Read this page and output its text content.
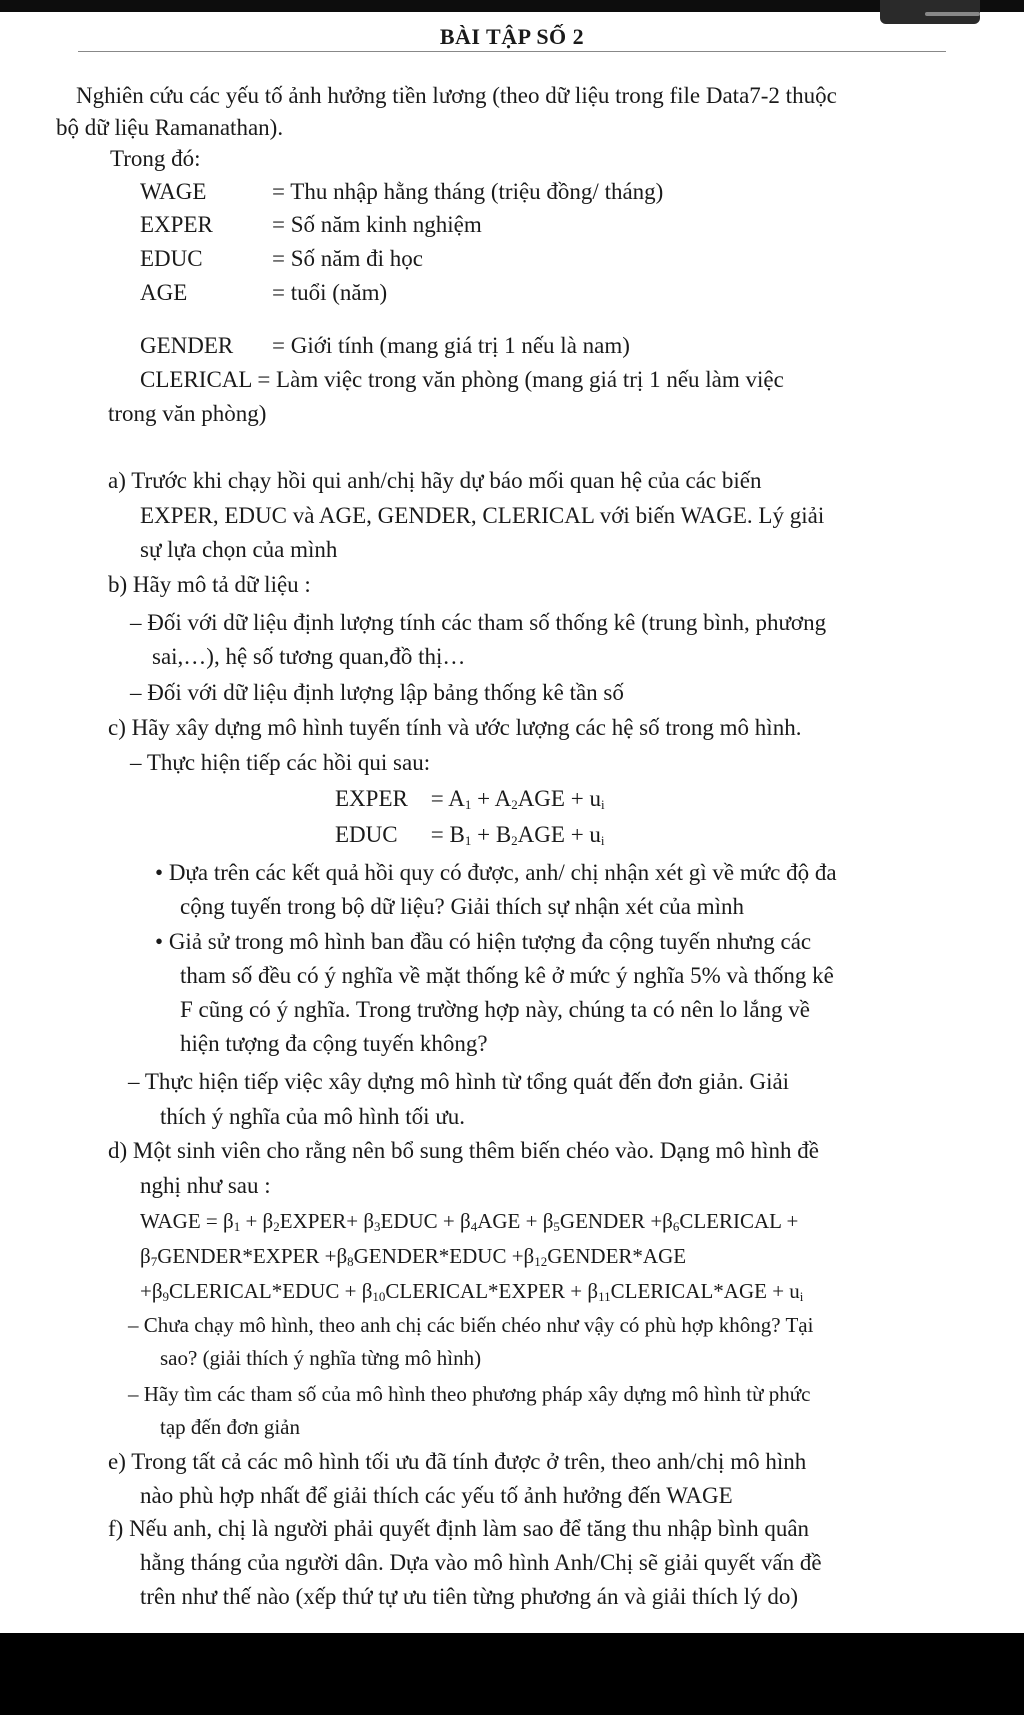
BÀI TẬP SỐ 2
Nghiên cứu các yếu tố ảnh hưởng tiền lương (theo dữ liệu trong file Data7-2 thuộc
bộ dữ liệu Ramanathan).
Trong đó:
WAGE	= Thu nhập hằng tháng (triệu đồng/ tháng)
EXPER	= Số năm kinh nghiệm
EDUC	= Số năm đi học
AGE	= tuổi (năm)
GENDER = Giới tính (mang giá trị 1 nếu là nam)
CLERICAL = Làm việc trong văn phòng (mang giá trị 1 nếu làm việc
trong văn phòng)
a) Trước khi chạy hồi qui anh/chị hãy dự báo mối quan hệ của các biến
EXPER, EDUC và AGE, GENDER, CLERICAL với biến WAGE. Lý giải
sự lựa chọn của mình
b) Hãy mô tả dữ liệu :
– Đối với dữ liệu định lượng tính các tham số thống kê (trung bình, phương
sai,…), hệ số tương quan,đồ thị…
– Đối với dữ liệu định lượng lập bảng thống kê tần số
c) Hãy xây dựng mô hình tuyến tính và ước lượng các hệ số trong mô hình.
– Thực hiện tiếp các hồi qui sau:
EXPER = $A_1 + A_2AGE + u_i$
EDUC = $B_1 + B_2AGE + u_i$
• Dựa trên các kết quả hồi quy có được, anh/ chị nhận xét gì về mức độ đa
cộng tuyến trong bộ dữ liệu? Giải thích sự nhận xét của mình
• Giả sử trong mô hình ban đầu có hiện tượng đa cộng tuyến nhưng các
tham số đều có ý nghĩa về mặt thống kê ở mức ý nghĩa 5% và thống kê
F cũng có ý nghĩa. Trong trường hợp này, chúng ta có nên lo lắng về
hiện tượng đa cộng tuyến không?
– Thực hiện tiếp việc xây dựng mô hình từ tổng quát đến đơn giản. Giải
thích ý nghĩa của mô hình tối ưu.
d) Một sinh viên cho rằng nên bổ sung thêm biến chéo vào. Dạng mô hình đề
nghị như sau :
WAGE = $\beta_1$ + $\beta_2EXPER+$ $\beta_3EDUC + \beta_4AGE$ + $\beta_5GENDER$ $+\beta_6CLERICAL$ +
$\beta_7GENDER*EXPER$ $+\beta_8GENDER*EDUC$ $+\beta_{12}GENDER*AGE$
$+\beta_9CLERICAL*EDUC$ + $\beta_{10}CLERICAL*EXPER$ + $\beta_{11}CLERICAL*AGE + u_i$
– Chưa chạy mô hình, theo anh chị các biến chéo như vậy có phù hợp không? Tại
sao? (giải thích ý nghĩa từng mô hình)
– Hãy tìm các tham số của mô hình theo phương pháp xây dựng mô hình từ phức
tạp đến đơn giản
e) Trong tất cả các mô hình tối ưu đã tính được ở trên, theo anh/chị mô hình
nào phù hợp nhất để giải thích các yếu tố ảnh hưởng đến WAGE
f) Nếu anh, chị là người phải quyết định làm sao để tăng thu nhập bình quân
hằng tháng của người dân. Dựa vào mô hình Anh/Chị sẽ giải quyết vấn đề
trên như thế nào (xếp thứ tự ưu tiên từng phương án và giải thích lý do)
